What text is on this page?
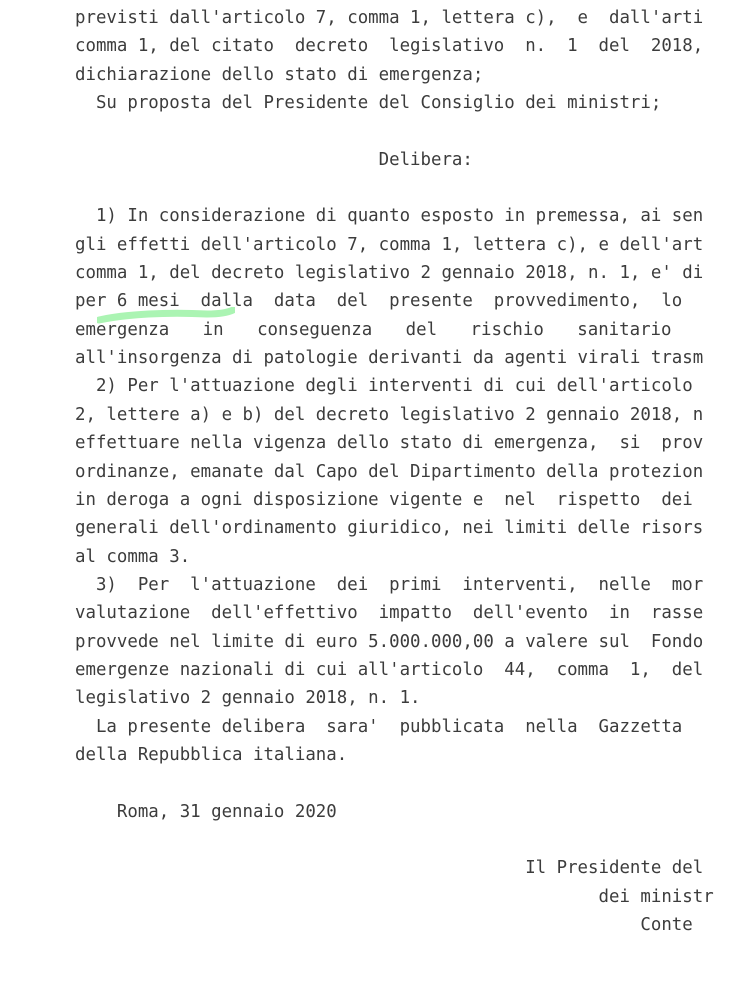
previsti dall'articolo 7, comma 1, lettera c),  e  dall'arti
comma 1, del citato  decreto  legislativo  n.  1  del  2018,
dichiarazione dello stato di emergenza;
Su proposta del Presidente del Consiglio dei ministri;
Delibera:
1) In considerazione di quanto esposto in premessa, ai sen
gli effetti dell'articolo 7, comma 1, lettera c), e dell'art
comma 1, del decreto legislativo 2 gennaio 2018, n. 1, e' di
per 6 mesi  dalla  data  del  presente  provvedimento,  lo
emergenza in conseguenza del rischio sanitario
all'insorgenza di patologie derivanti da agenti virali trasm
2) Per l'attuazione degli interventi di cui dell'articolo
2, lettere a) e b) del decreto legislativo 2 gennaio 2018, n
effettuare nella vigenza dello stato di emergenza,  si  prov
ordinanze, emanate dal Capo del Dipartimento della protezion
in deroga a ogni disposizione vigente e  nel  rispetto  dei
generali dell'ordinamento giuridico, nei limiti delle risors
al comma 3.
3)  Per  l'attuazione  dei  primi  interventi,  nelle  mor
valutazione  dell'effettivo  impatto  dell'evento  in  rasse
provvede nel limite di euro 5.000.000,00 a valere sul  Fondo
emergenze nazionali di cui all'articolo  44,  comma  1,  del
legislativo 2 gennaio 2018, n. 1.
La presente delibera  sara'  pubblicata  nella  Gazzetta
della Repubblica italiana.
Roma, 31 gennaio 2020
Il Presidente del
dei ministr
Conte
